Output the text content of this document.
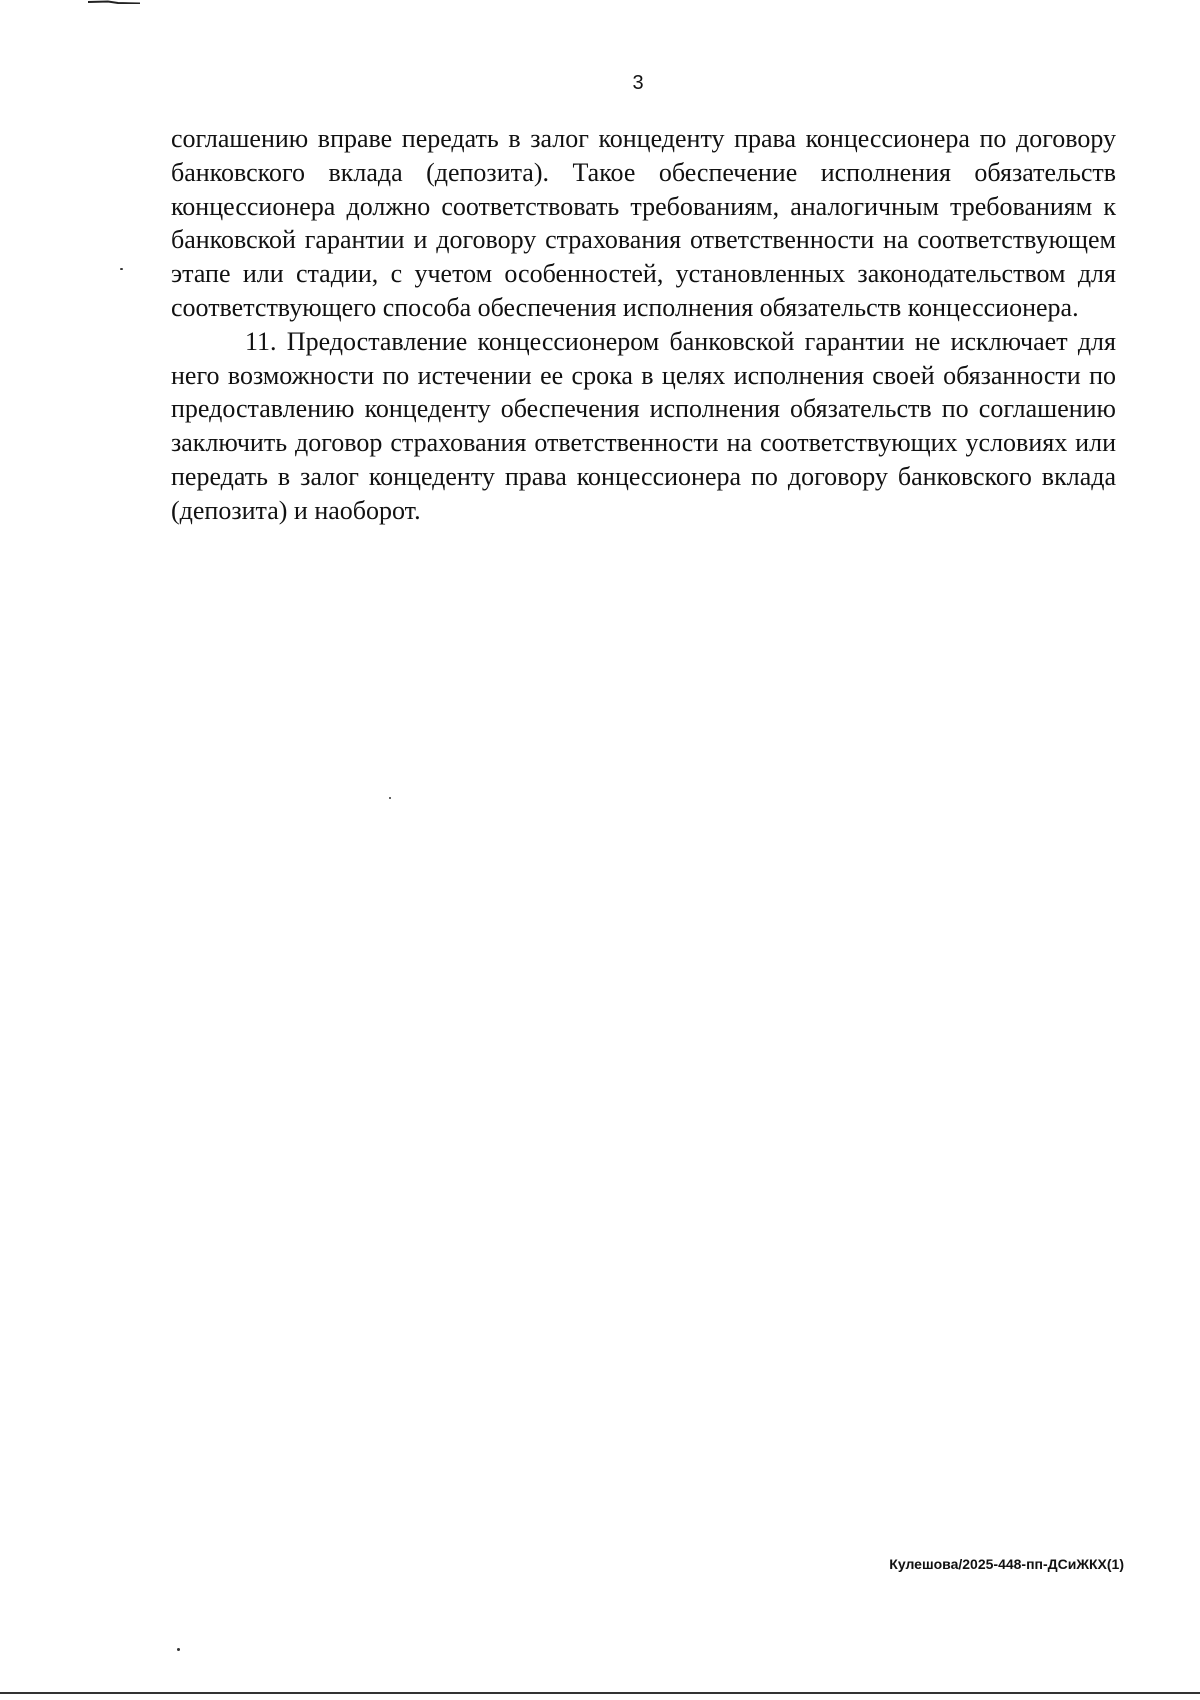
3

соглашению вправе передать в залог концеденту права концессионера по договору банковского вклада (депозита). Такое обеспечение исполнения обязательств концессионера должно соответствовать требованиям, аналогичным требованиям к банковской гарантии и договору страхования ответственности на соответствующем этапе или стадии, с учетом особенностей, установленных законодательством для соответствующего способа обеспечения исполнения обязательств концессионера.

11. Предоставление концессионером банковской гарантии не исключает для него возможности по истечении ее срока в целях исполнения своей обязанности по предоставлению концеденту обеспечения исполнения обязательств по соглашению заключить договор страхования ответственности на соответствующих условиях или передать в залог концеденту права концессионера по договору банковского вклада (депозита) и наоборот.

Кулешова/2025-448-пп-ДСиЖКХ(1)
